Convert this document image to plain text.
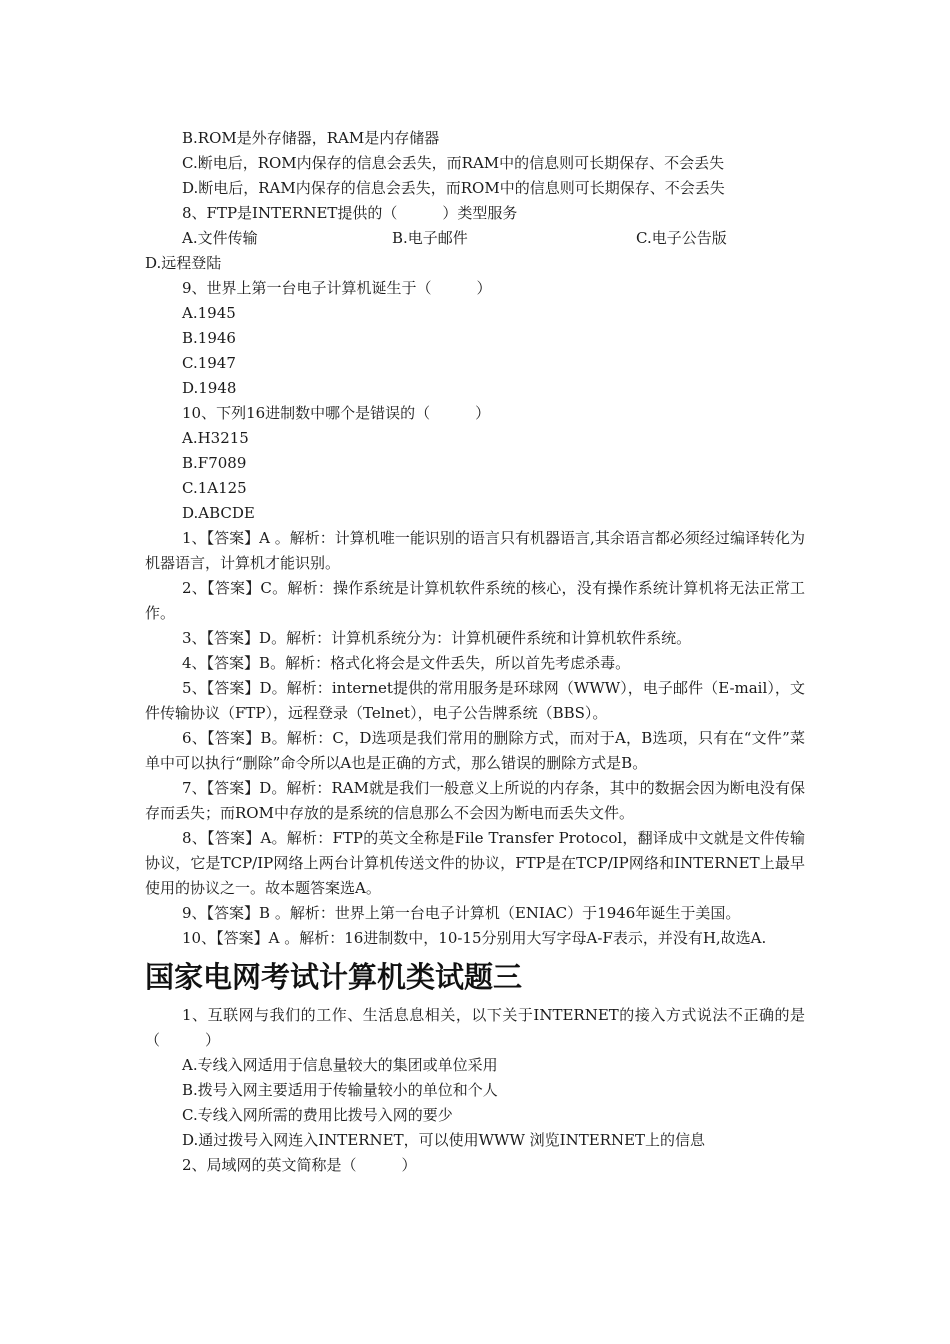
B.ROM是外存储器，RAM是内存储器

C.断电后，ROM内保存的信息会丢失，而RAM中的信息则可长期保存、不会丢失

D.断电后，RAM内保存的信息会丢失，而ROM中的信息则可长期保存、不会丢失

8、FTP是INTERNET提供的（　　　）类型服务

A.文件传输	B.电子邮件	C.电子公告版

D.远程登陆

9、世界上第一台电子计算机诞生于（　　　）

A.1945

B.1946

C.1947

D.1948

10、下列16进制数中哪个是错误的（　　　）

A.H3215

B.F7089

C.1A125

D.ABCDE

1、【答案】A 。解析：计算机唯一能识别的语言只有机器语言,其余语言都必须经过编译转化为机器语言，计算机才能识别。

2、【答案】C。解析：操作系统是计算机软件系统的核心，没有操作系统计算机将无法正常工作。

3、【答案】D。解析：计算机系统分为：计算机硬件系统和计算机软件系统。

4、【答案】B。解析：格式化将会是文件丢失，所以首先考虑杀毒。

5、【答案】D。解析：internet提供的常用服务是环球网（WWW），电子邮件（E-mail），文件传输协议（FTP），远程登录（Telnet），电子公告牌系统（BBS）。

6、【答案】B。解析：C，D选项是我们常用的删除方式，而对于A，B选项，只有在“文件”菜单中可以执行“删除”命令所以A也是正确的方式，那么错误的删除方式是B。

7、【答案】D。解析：RAM就是我们一般意义上所说的内存条，其中的数据会因为断电没有保存而丢失；而ROM中存放的是系统的信息那么不会因为断电而丢失文件。

8、【答案】A。解析：FTP的英文全称是File Transfer Protocol，翻译成中文就是文件传输协议，它是TCP/IP网络上两台计算机传送文件的协议，FTP是在TCP/IP网络和INTERNET上最早使用的协议之一。故本题答案选A。

9、【答案】B 。解析：世界上第一台电子计算机（ENIAC）于1946年诞生于美国。

10、【答案】A 。解析：16进制数中，10-15分别用大写字母A-F表示，并没有H,故选A.

国家电网考试计算机类试题三

1、互联网与我们的工作、生活息息相关，以下关于INTERNET的接入方式说法不正确的是（　　　）

A.专线入网适用于信息量较大的集团或单位采用

B.拨号入网主要适用于传输量较小的单位和个人

C.专线入网所需的费用比拨号入网的要少

D.通过拨号入网连入INTERNET，可以使用WWW 浏览INTERNET上的信息

2、局域网的英文简称是（　　　）
